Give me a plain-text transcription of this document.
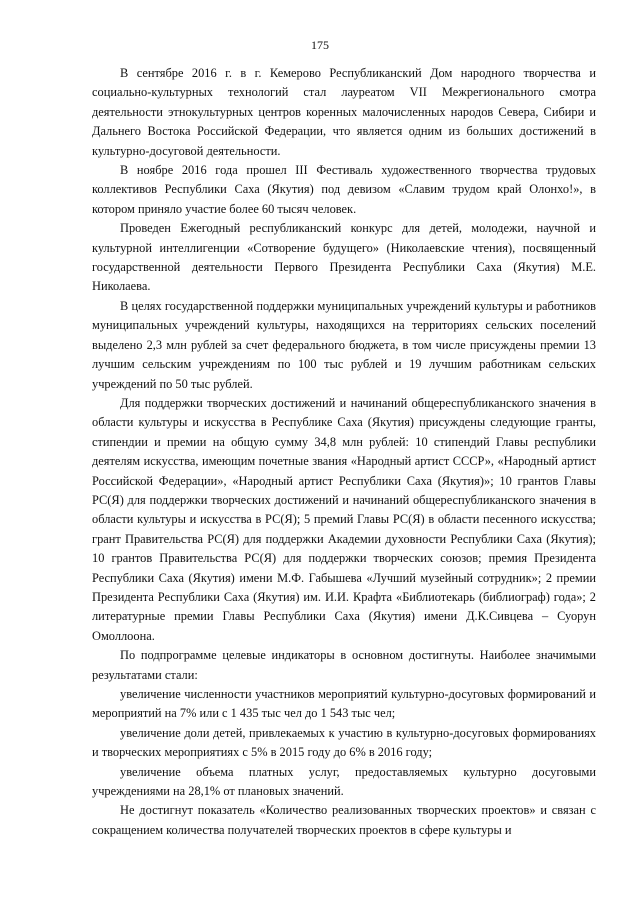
175

В сентябре 2016 г. в г. Кемерово Республиканский Дом народного творчества и социально-культурных технологий стал лауреатом VII Межрегионального смотра деятельности этнокультурных центров коренных малочисленных народов Севера, Сибири и Дальнего Востока Российской Федерации, что является одним из больших достижений в культурно-досуговой деятельности.

В ноябре 2016 года прошел III Фестиваль художественного творчества трудовых коллективов Республики Саха (Якутия) под девизом «Славим трудом край Олонхо!», в котором приняло участие более 60 тысяч человек.

Проведен Ежегодный республиканский конкурс для детей, молодежи, научной и культурной интеллигенции «Сотворение будущего» (Николаевские чтения), посвященный государственной деятельности Первого Президента Республики Саха (Якутия) М.Е. Николаева.

В целях государственной поддержки муниципальных учреждений культуры и работников муниципальных учреждений культуры, находящихся на территориях сельских поселений выделено 2,3 млн рублей за счет федерального бюджета, в том числе присуждены премии 13 лучшим сельским учреждениям по 100 тыс рублей и 19 лучшим работникам сельских учреждений по 50 тыс рублей.

Для поддержки творческих достижений и начинаний общереспубликанского значения в области культуры и искусства в Республике Саха (Якутия) присуждены следующие гранты, стипендии и премии на общую сумму 34,8 млн рублей: 10 стипендий Главы республики деятелям искусства, имеющим почетные звания «Народный артист СССР», «Народный артист Российской Федерации», «Народный артист Республики Саха (Якутия)»; 10 грантов Главы РС(Я) для поддержки творческих достижений и начинаний общереспубликанского значения в области культуры и искусства в РС(Я); 5 премий Главы РС(Я) в области песенного искусства; грант Правительства РС(Я) для поддержки Академии духовности Республики Саха (Якутия); 10 грантов Правительства РС(Я) для поддержки творческих союзов; премия Президента Республики Саха (Якутия) имени М.Ф. Габышева «Лучший музейный сотрудник»; 2 премии Президента Республики Саха (Якутия) им. И.И. Крафта «Библиотекарь (библиограф) года»; 2 литературные премии Главы Республики Саха (Якутия) имени Д.К.Сивцева – Суорун Омоллоона.

По подпрограмме целевые индикаторы в основном достигнуты. Наиболее значимыми результатами стали:

увеличение численности участников мероприятий культурно-досуговых формирований и мероприятий на 7% или с 1 435 тыс чел до 1 543 тыс чел;

увеличение доли детей, привлекаемых к участию в культурно-досуговых формированиях и творческих мероприятиях с 5% в 2015 году до 6% в 2016 году;

увеличение объема платных услуг, предоставляемых культурно досуговыми учреждениями на 28,1% от плановых значений.

Не достигнут показатель «Количество реализованных творческих проектов» и связан с сокращением количества получателей творческих проектов в сфере культуры и
